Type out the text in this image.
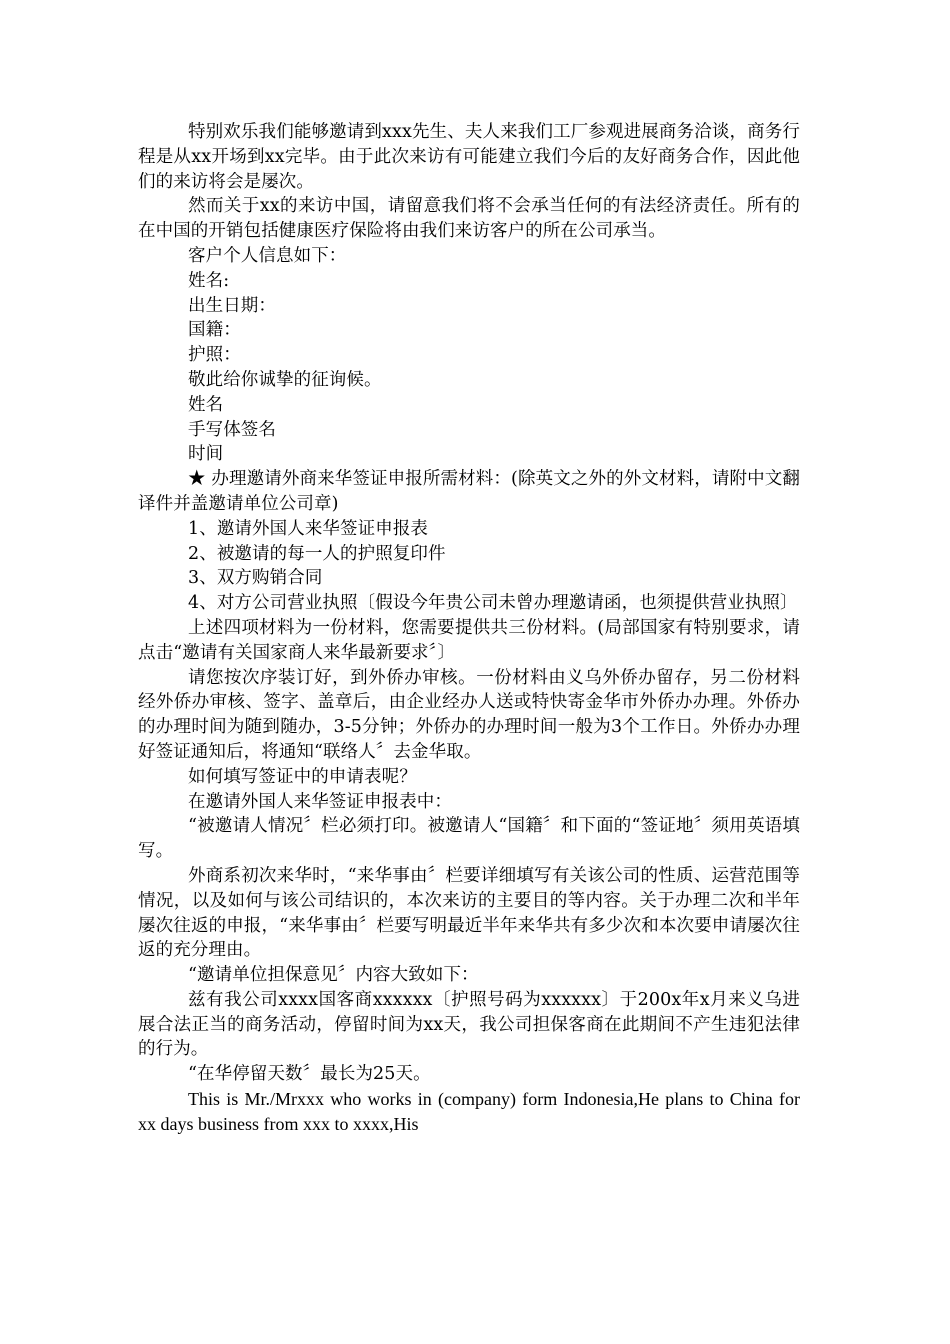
特别欢乐我们能够邀请到xxx先生、夫人来我们工厂参观进展商务洽谈，商务行程是从xx开场到xx完毕。由于此次来访有可能建立我们今后的友好商务合作，因此他们的来访将会是屡次。

然而关于xx的来访中国，请留意我们将不会承当任何的有法经济责任。所有的在中国的开销包括健康医疗保险将由我们来访客户的所在公司承当。

客户个人信息如下：

姓名:

出生日期：

国籍：

护照：

敬此给你诚挚的征询候。

姓名

手写体签名

时间

★ 办理邀请外商来华签证申报所需材料：(除英文之外的外文材料，请附中文翻译件并盖邀请单位公司章)

1、邀请外国人来华签证申报表

2、被邀请的每一人的护照复印件

3、双方购销合同

4、对方公司营业执照〔假设今年贵公司未曾办理邀请函，也须提供营业执照〕

上述四项材料为一份材料，您需要提供共三份材料。(局部国家有特别要求，请点击“邀请有关国家商人来华最新要求〞〕

请您按次序装订好，到外侨办审核。一份材料由义乌外侨办留存，另二份材料经外侨办审核、签字、盖章后，由企业经办人送或特快寄金华市外侨办办理。外侨办的办理时间为随到随办，3-5分钟；外侨办的办理时间一般为3个工作日。外侨办办理好签证通知后，将通知“联络人〞去金华取。

如何填写签证中的申请表呢？

在邀请外国人来华签证申报表中：

“被邀请人情况〞栏必须打印。被邀请人“国籍〞和下面的“签证地〞须用英语填写。

外商系初次来华时，“来华事由〞栏要详细填写有关该公司的性质、运营范围等情况，以及如何与该公司结识的，本次来访的主要目的等内容。关于办理二次和半年屡次往返的申报，“来华事由〞栏要写明最近半年来华共有多少次和本次要申请屡次往返的充分理由。

“邀请单位担保意见〞内容大致如下：

兹有我公司xxxx国客商xxxxxx〔护照号码为xxxxxx〕于200x年x月来义乌进展合法正当的商务活动，停留时间为xx天，我公司担保客商在此期间不产生违犯法律的行为。

“在华停留天数〞最长为25天。

This is Mr./Mrxxx who works in (company) form Indonesia,He plans to China for xx days business from xxx to xxxx,His
